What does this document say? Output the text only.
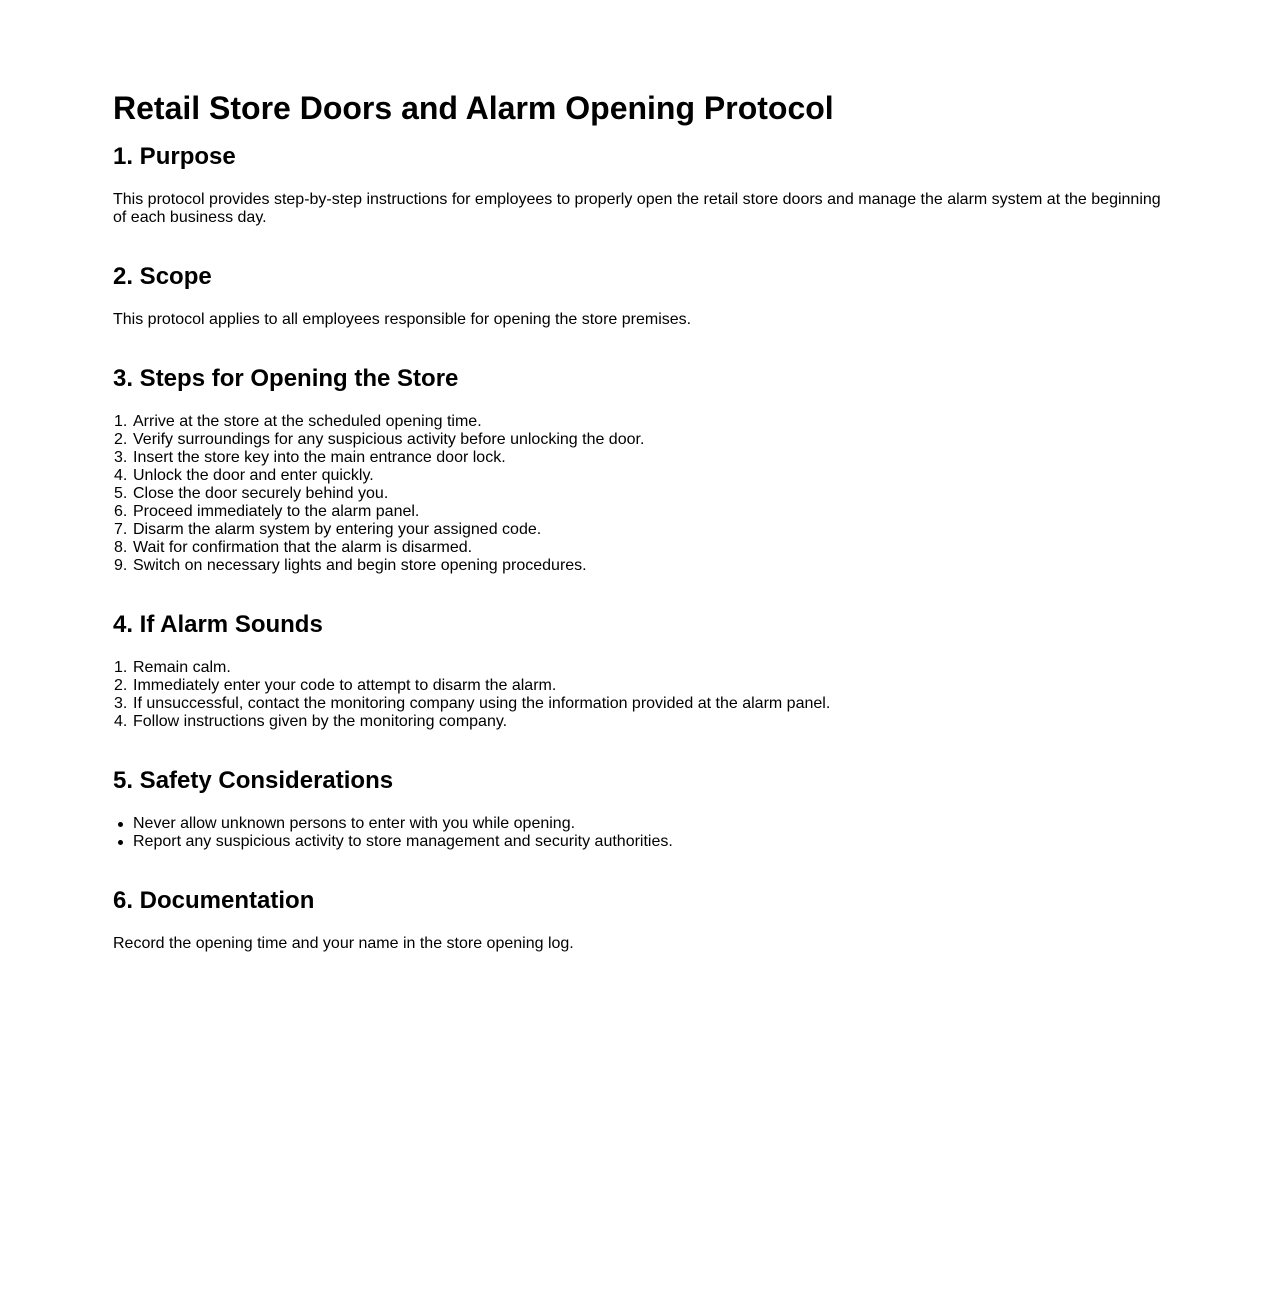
Retail Store Doors and Alarm Opening Protocol
1. Purpose

This protocol provides step-by-step instructions for employees to properly open the retail store doors and manage the alarm system at the beginning of each business day.

2. Scope

This protocol applies to all employees responsible for opening the store premises.

3. Steps for Opening the Store
Arrive at the store at the scheduled opening time.
Verify surroundings for any suspicious activity before unlocking the door.
Insert the store key into the main entrance door lock.
Unlock the door and enter quickly.
Close the door securely behind you.
Proceed immediately to the alarm panel.
Disarm the alarm system by entering your assigned code.
Wait for confirmation that the alarm is disarmed.
Switch on necessary lights and begin store opening procedures.
4. If Alarm Sounds
Remain calm.
Immediately enter your code to attempt to disarm the alarm.
If unsuccessful, contact the monitoring company using the information provided at the alarm panel.
Follow instructions given by the monitoring company.
5. Safety Considerations
Never allow unknown persons to enter with you while opening.
Report any suspicious activity to store management and security authorities.
6. Documentation

Record the opening time and your name in the store opening log.
